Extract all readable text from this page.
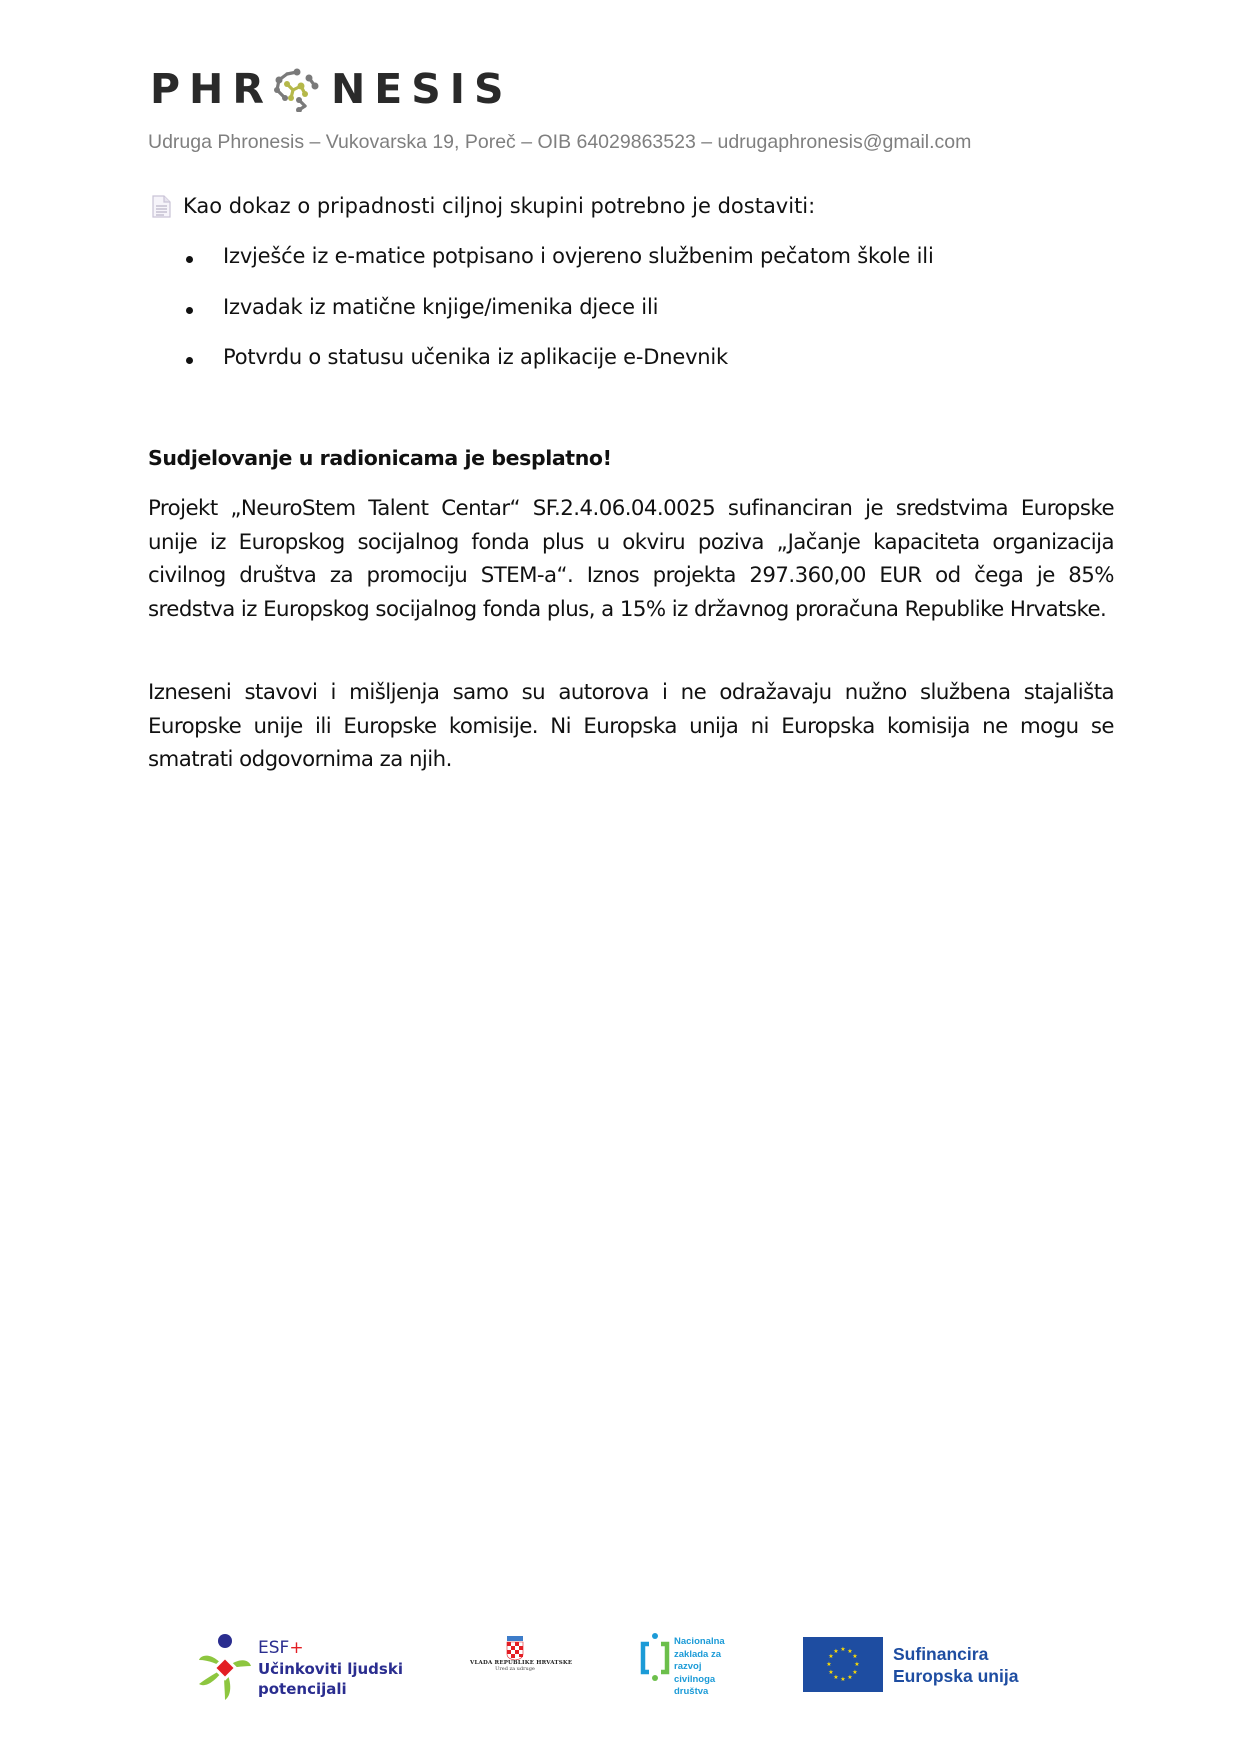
PHR NESIS
Udruga Phronesis – Vukovarska 19, Poreč – OIB 64029863523 – udrugaphronesis@gmail.com
Kao dokaz o pripadnosti ciljnoj skupini potrebno je dostaviti:
Izvješće iz e-matice potpisano i ovjereno službenim pečatom škole ili
Izvadak iz matične knjige/imenika djece ili
Potvrdu o statusu učenika iz aplikacije e-Dnevnik
Sudjelovanje u radionicama je besplatno!

Projekt „NeuroStem Talent Centar“ SF.2.4.06.04.0025 sufinanciran je sredstvima Europske unije iz Europskog socijalnog fonda plus u okviru poziva „Jačanje kapaciteta organizacija civilnog društva za promociju STEM-a“. Iznos projekta 297.360,00 EUR od čega je 85% sredstva iz Europskog socijalnog fonda plus, a 15% iz državnog proračuna Republike Hrvatske.

Izneseni stavovi i mišljenja samo su autorova i ne odražavaju nužno službena stajališta Europske unije ili Europske komisije. Ni Europska unija ni Europska komisija ne mogu se smatrati odgovornima za njih.

ESF+
Učinkoviti ljudski
potencijali
VLADA REPUBLIKE HRVATSKE
Ured za udruge
Nacionalna
zaklada za
razvoj
civilnoga
društva
★ ★
★
★
★
★
★
★
★
★
★
★	Sufinancira
Europska unija
